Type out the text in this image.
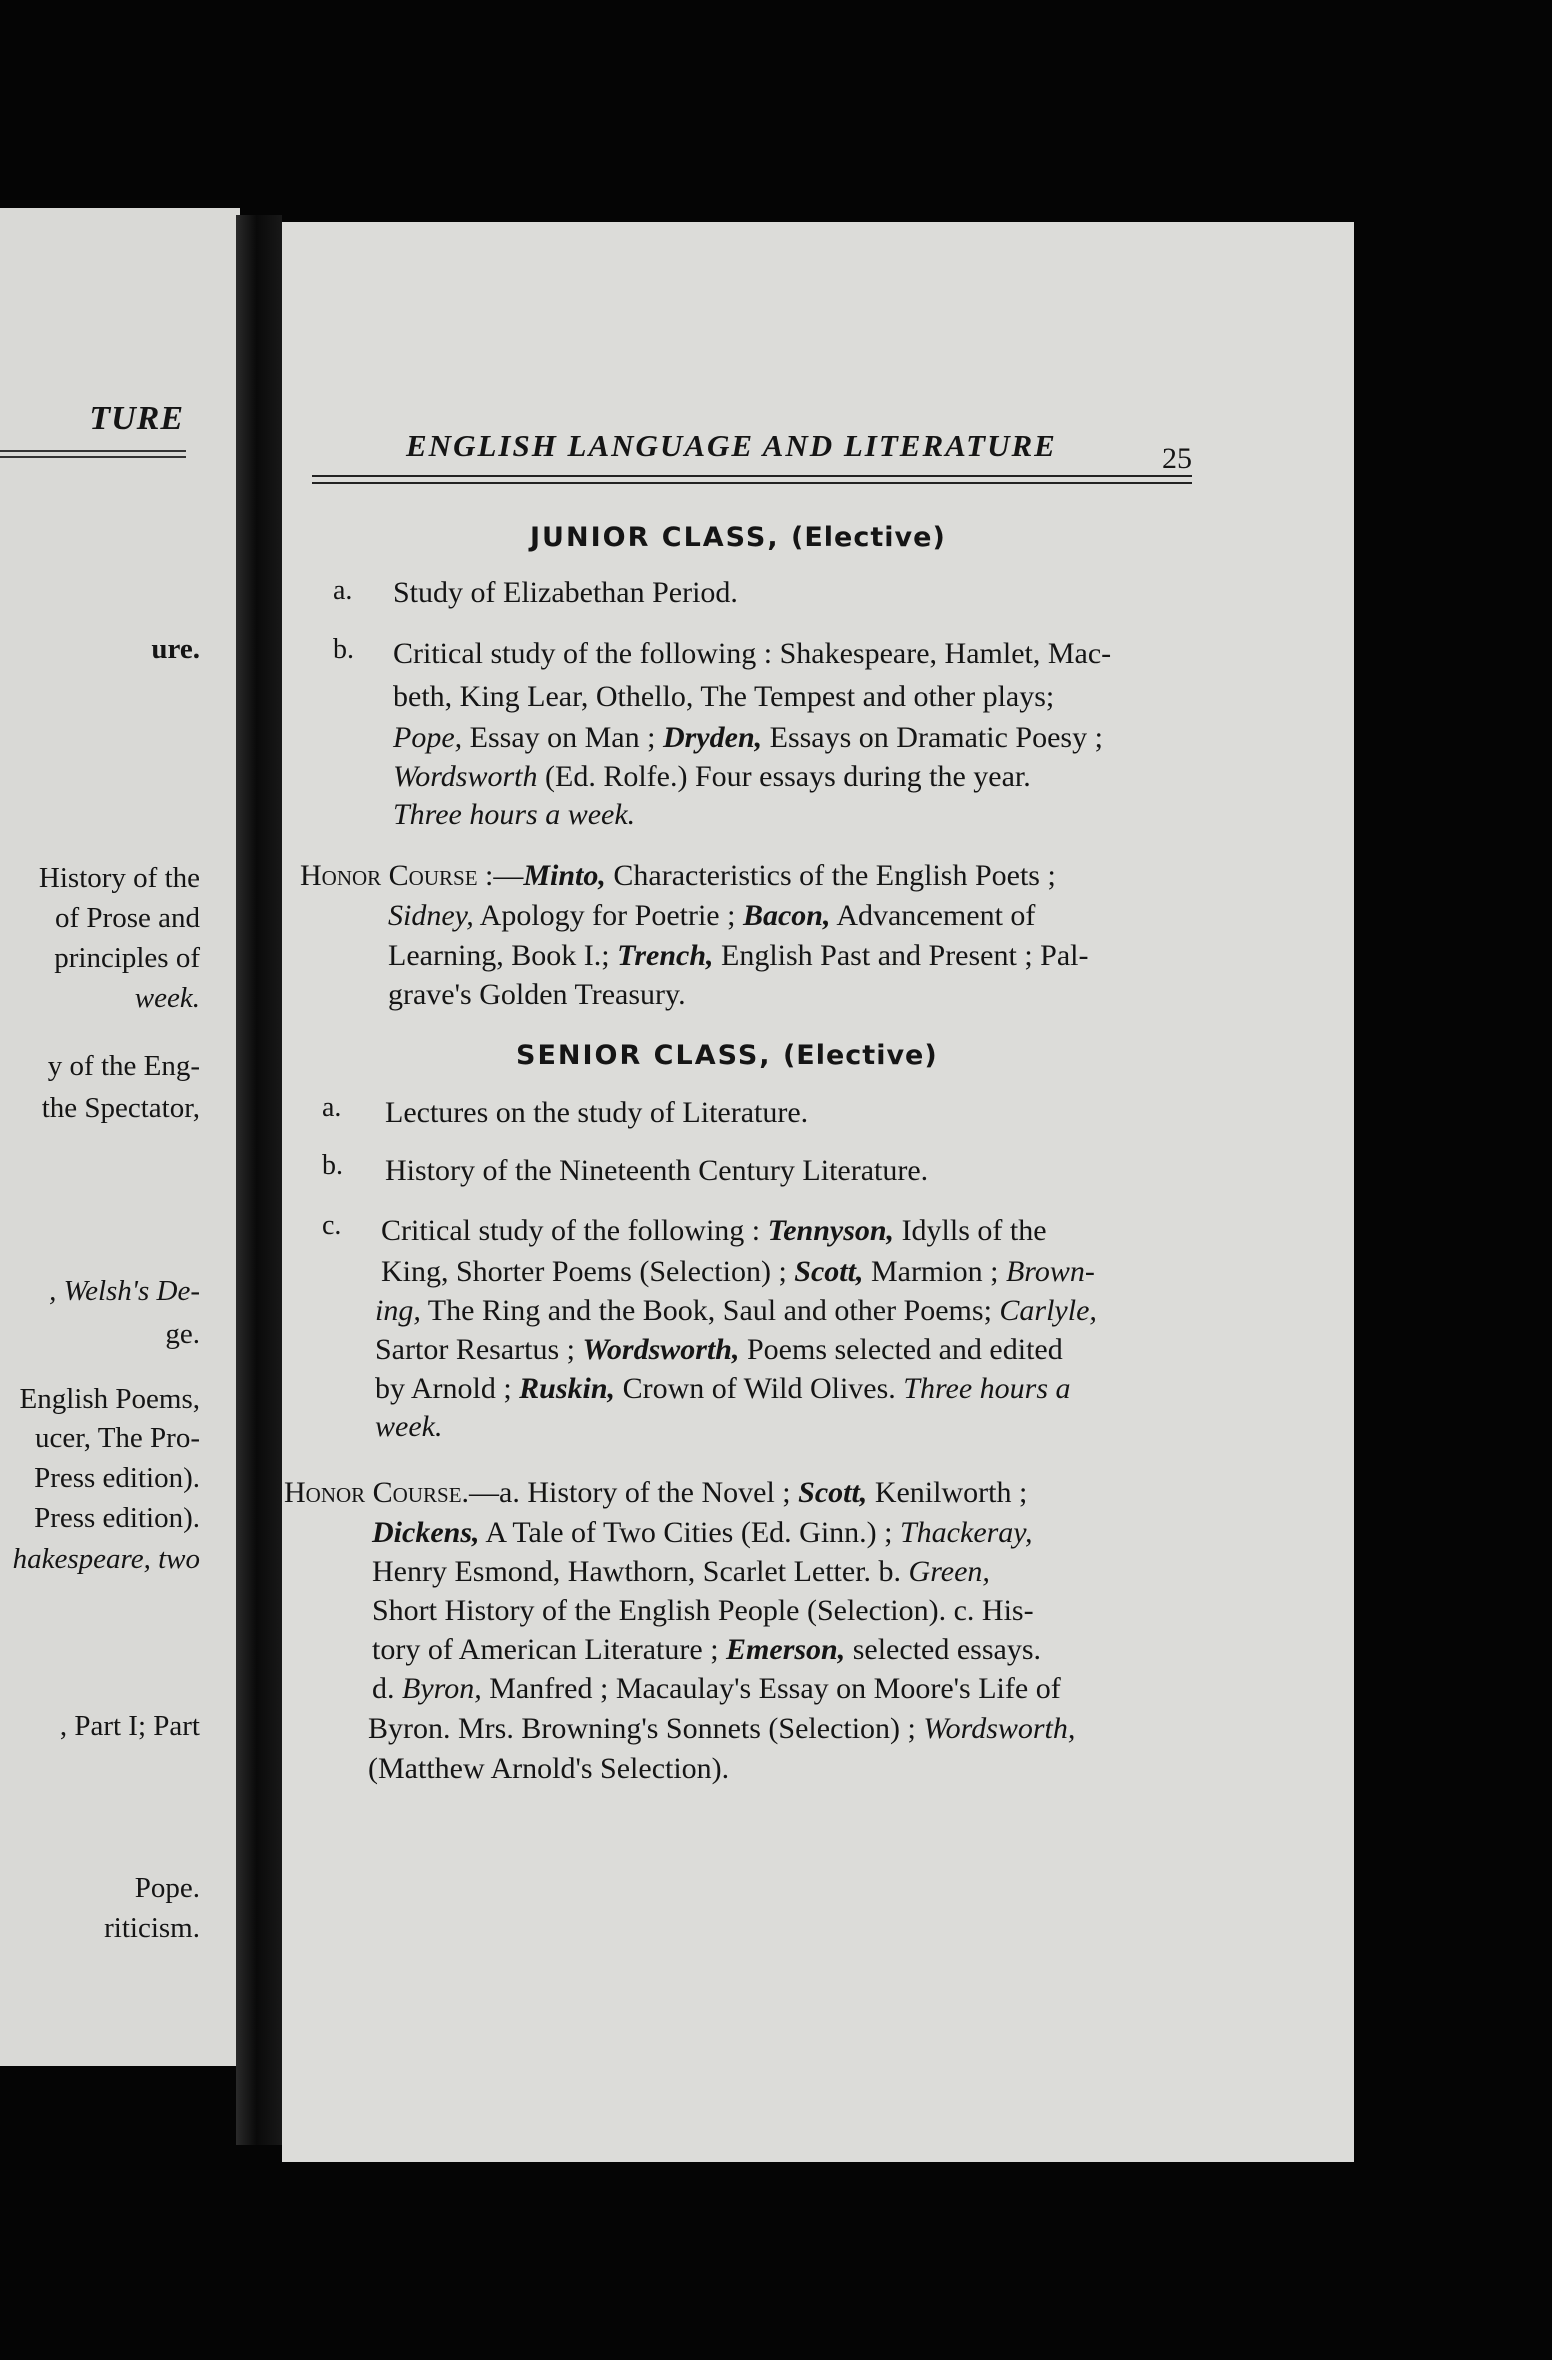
TURE
ure.
History of the
of Prose and
principles of
week.
y of the Eng-
the Spectator,
, Welsh's De-
ge.
English Poems,
ucer, The Pro-
Press edition).
Press edition).
hakespeare, two
, Part I; Part
Pope.
riticism.
ENGLISH LANGUAGE AND LITERATURE	25
JUNIOR CLASS, (Elective)
a. Study of Elizabethan Period.
b. Critical study of the following : Shakespeare, Hamlet, Mac-
beth, King Lear, Othello, The Tempest and other plays;
Pope, Essay on Man ; Dryden, Essays on Dramatic Poesy ;
Wordsworth (Ed. Rolfe.) Four essays during the year.
Three hours a week.
Honor Course :—Minto, Characteristics of the English Poets ;
Sidney, Apology for Poetrie ; Bacon, Advancement of
Learning, Book I.; Trench, English Past and Present ; Pal-
grave's Golden Treasury.
SENIOR CLASS, (Elective)
a. Lectures on the study of Literature.
b. History of the Nineteenth Century Literature.
c. Critical study of the following : Tennyson, Idylls of the
King, Shorter Poems (Selection) ; Scott, Marmion ; Brown-
ing, The Ring and the Book, Saul and other Poems; Carlyle,
Sartor Resartus ; Wordsworth, Poems selected and edited
by Arnold ; Ruskin, Crown of Wild Olives. Three hours a
week.
Honor Course.—a. History of the Novel ; Scott, Kenilworth ;
Dickens, A Tale of Two Cities (Ed. Ginn.) ; Thackeray,
Henry Esmond, Hawthorn, Scarlet Letter. b. Green,
Short History of the English People (Selection). c. His-
tory of American Literature ; Emerson, selected essays.
d. Byron, Manfred ; Macaulay's Essay on Moore's Life of
Byron. Mrs. Browning's Sonnets (Selection) ; Wordsworth,
(Matthew Arnold's Selection).
